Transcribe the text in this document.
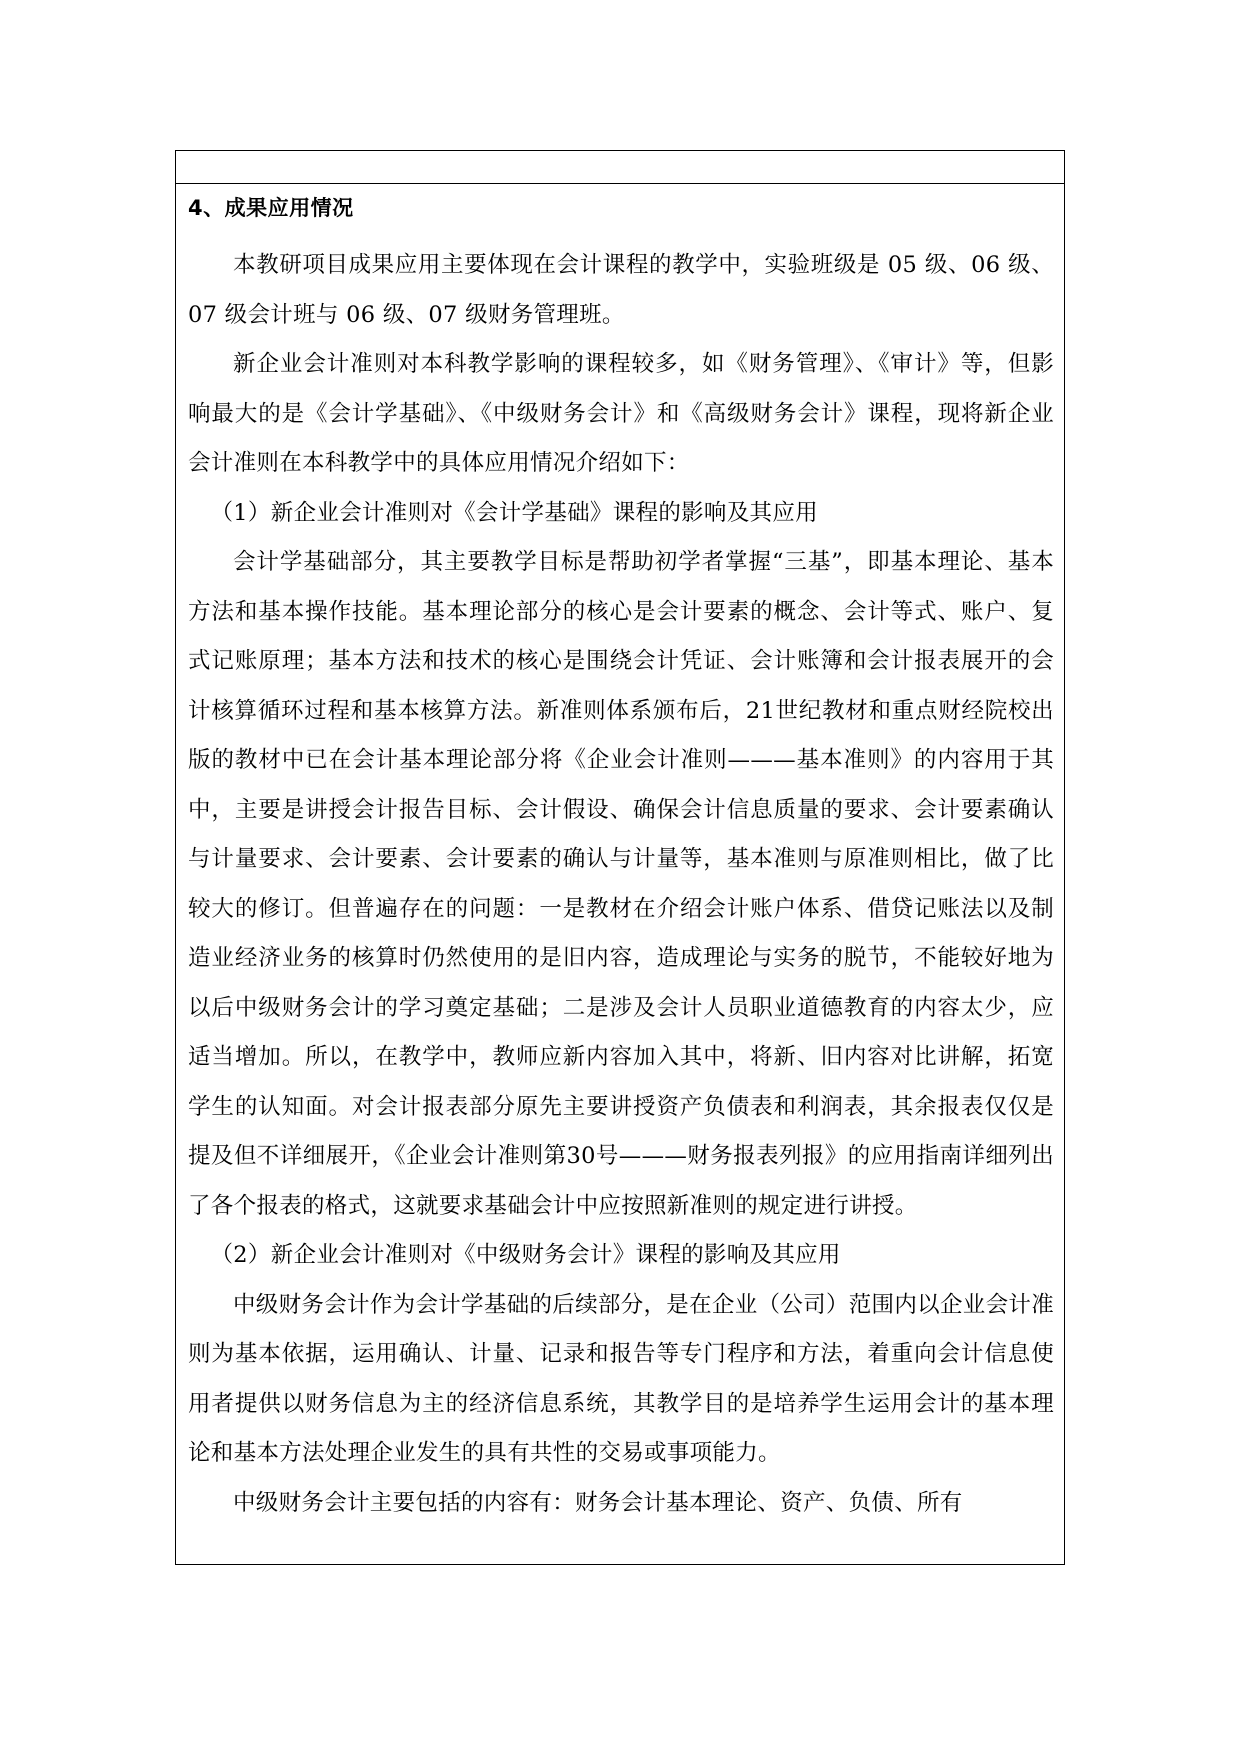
4、成果应用情况

本教研项目成果应用主要体现在会计课程的教学中，实验班级是 05 级、06 级、07 级会计班与 06 级、07 级财务管理班。

新企业会计准则对本科教学影响的课程较多，如《财务管理》、《审计》等，但影响最大的是《会计学基础》、《中级财务会计》和《高级财务会计》课程，现将新企业会计准则在本科教学中的具体应用情况介绍如下：

（1）新企业会计准则对《会计学基础》课程的影响及其应用

会计学基础部分，其主要教学目标是帮助初学者掌握“三基”，即基本理论、基本方法和基本操作技能。基本理论部分的核心是会计要素的概念、会计等式、账户、复式记账原理；基本方法和技术的核心是围绕会计凭证、会计账簿和会计报表展开的会计核算循环过程和基本核算方法。新准则体系颁布后，21世纪教材和重点财经院校出版的教材中已在会计基本理论部分将《企业会计准则———基本准则》的内容用于其中，主要是讲授会计报告目标、会计假设、确保会计信息质量的要求、会计要素确认与计量要求、会计要素、会计要素的确认与计量等，基本准则与原准则相比，做了比较大的修订。但普遍存在的问题：一是教材在介绍会计账户体系、借贷记账法以及制造业经济业务的核算时仍然使用的是旧内容，造成理论与实务的脱节，不能较好地为以后中级财务会计的学习奠定基础；二是涉及会计人员职业道德教育的内容太少，应适当增加。所以，在教学中，教师应新内容加入其中，将新、旧内容对比讲解，拓宽学生的认知面。对会计报表部分原先主要讲授资产负债表和利润表，其余报表仅仅是提及但不详细展开，《企业会计准则第30号———财务报表列报》的应用指南详细列出了各个报表的格式，这就要求基础会计中应按照新准则的规定进行讲授。

（2）新企业会计准则对《中级财务会计》课程的影响及其应用

中级财务会计作为会计学基础的后续部分，是在企业（公司）范围内以企业会计准则为基本依据，运用确认、计量、记录和报告等专门程序和方法，着重向会计信息使用者提供以财务信息为主的经济信息系统，其教学目的是培养学生运用会计的基本理论和基本方法处理企业发生的具有共性的交易或事项能力。

中级财务会计主要包括的内容有：财务会计基本理论、资产、负债、所有
